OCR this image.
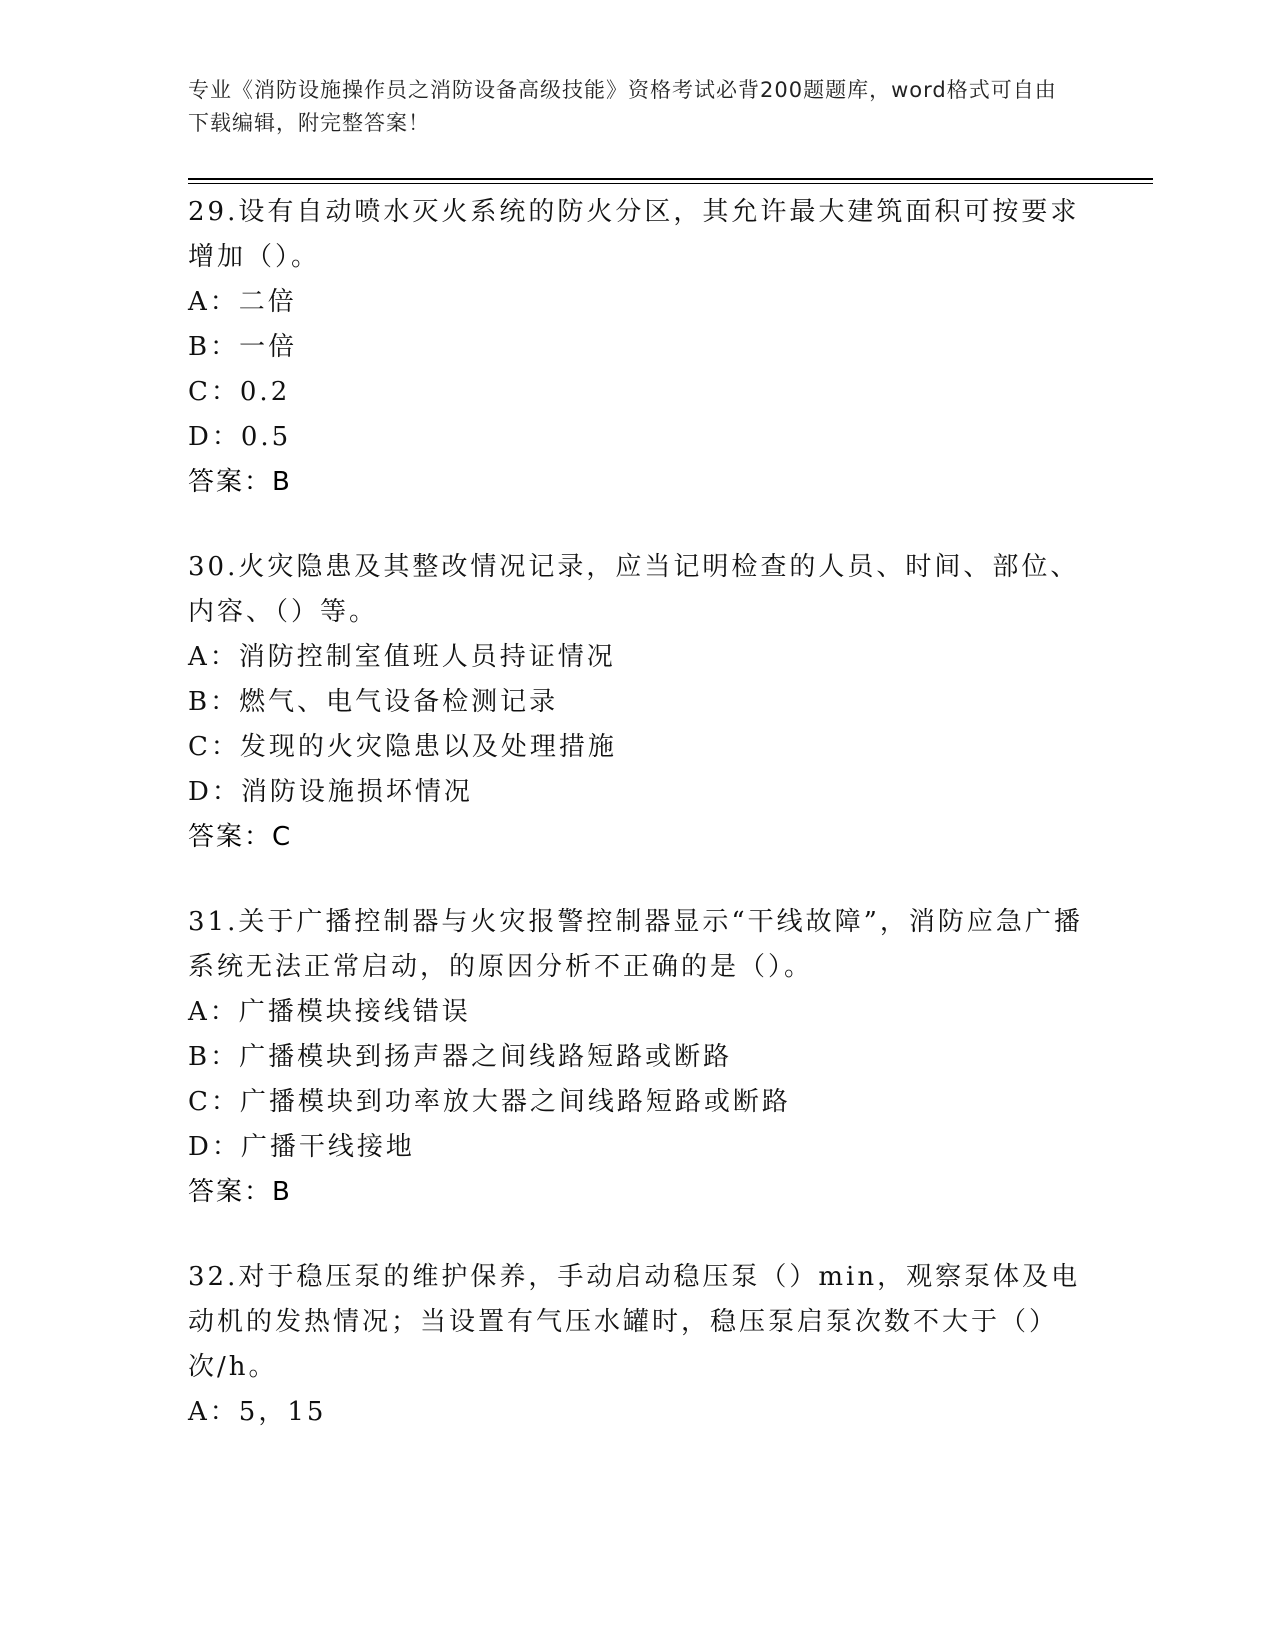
专业《消防设施操作员之消防设备高级技能》资格考试必背200题题库，word格式可自由下载编辑，附完整答案！

29.设有自动喷水灭火系统的防火分区，其允许最大建筑面积可按要求增加（）。

A：二倍

B：一倍

C：0.2

D：0.5

答案：B

30.火灾隐患及其整改情况记录，应当记明检查的人员、时间、部位、内容、（）等。

A：消防控制室值班人员持证情况

B：燃气、电气设备检测记录

C：发现的火灾隐患以及处理措施

D：消防设施损坏情况

答案：C

31.关于广播控制器与火灾报警控制器显示“干线故障”，消防应急广播系统无法正常启动，的原因分析不正确的是（）。

A：广播模块接线错误

B：广播模块到扬声器之间线路短路或断路

C：广播模块到功率放大器之间线路短路或断路

D：广播干线接地

答案：B

32.对于稳压泵的维护保养，手动启动稳压泵（）min，观察泵体及电动机的发热情况；当设置有气压水罐时，稳压泵启泵次数不大于（）次/h。

A：5，15
